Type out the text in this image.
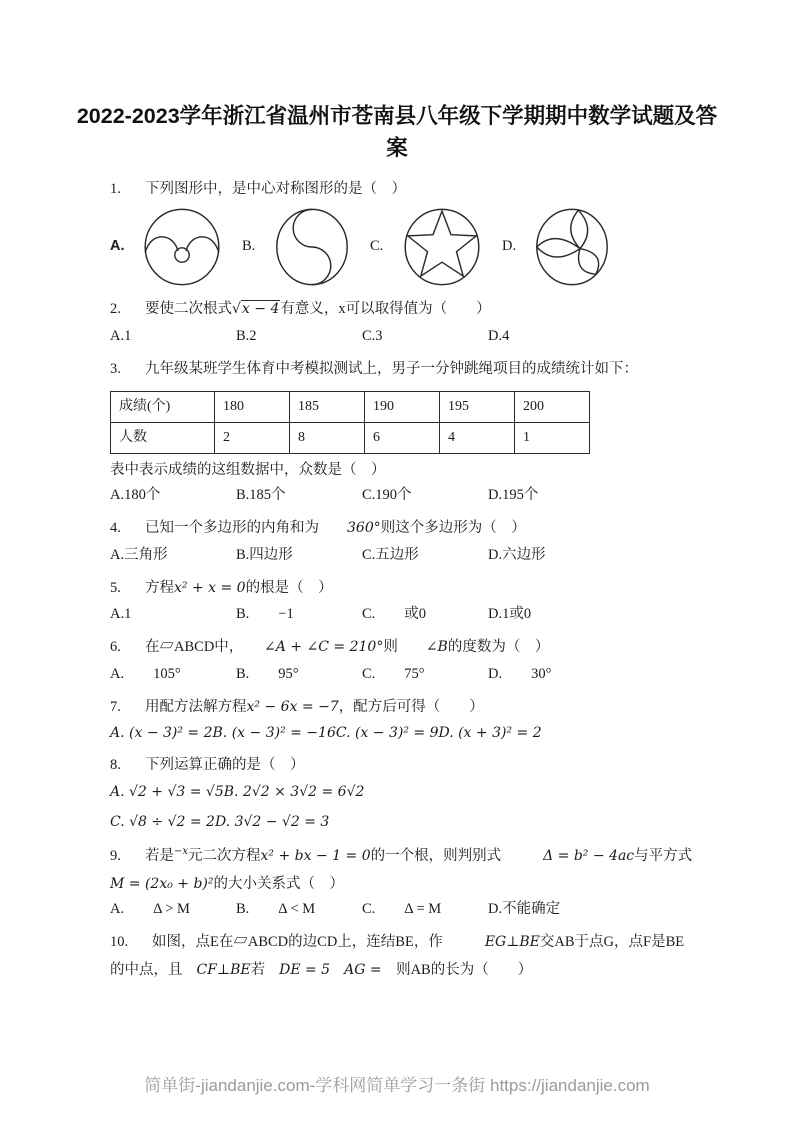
2022-2023学年浙江省温州市苍南县八年级下学期期中数学试题及答案

1. 下列图形中，是中心对称图形的是（　）

A.	B.	C.	D.

2. 要使二次根式√x − 4有意义，x可以取得值为（　　）

A.1	B.2	C.3	D.4

3. 九年级某班学生体育中考模拟测试上，男子一分钟跳绳项目的成绩统计如下：

成绩(个)	180	185	190	195	200
人数	2	8	6	4	1

表中表示成绩的这组数据中，众数是（　）

A.180个	B.185个	C.190个	D.195个

4. 已知一个多边形的内角和为　　360°则这个多边形为（　）

A.三角形	B.四边形	C.五边形	D.六边形

5. 方程x² + x = 0的根是（　）

A.1	B.　　−1	C.　　或0	D.1或0

6. 在▱ABCD中，　　∠A + ∠C = 210°则　　∠B的度数为（　）

A.　　105°	B.　　95°	C.　　75°	D.　　30°

7. 用配方法解方程x² − 6x = −7，配方后可得（　　）

A. (x − 3)² = 2B. (x − 3)² = −16C. (x − 3)² = 9D. (x + 3)² = 2

8. 下列运算正确的是（　）

A. √2 + √3 = √5B. 2√2 × 3√2 = 6√2

C. √8 ÷ √2 = 2D. 3√2 − √2 = 3

9. 若是$^{-x}$元二次方程x² + bx − 1 = 0的一个根，则判别式　　　Δ = b² − 4ac与平方式

M = (2x₀ + b)²的大小关系式（　）

A.　　Δ > M	B.　　Δ < M	C.　　Δ = M	D.不能确定

10. 如图，点E在▱ABCD的边CD上，连结BE，作　　　EG⊥BE交AB于点G，点F是BE

的中点，且　CF⊥BE若　DE = 5　AG =　则AB的长为（　　）

简单街-jiandanjie.com-学科网简单学习一条街 https://jiandanjie.com
